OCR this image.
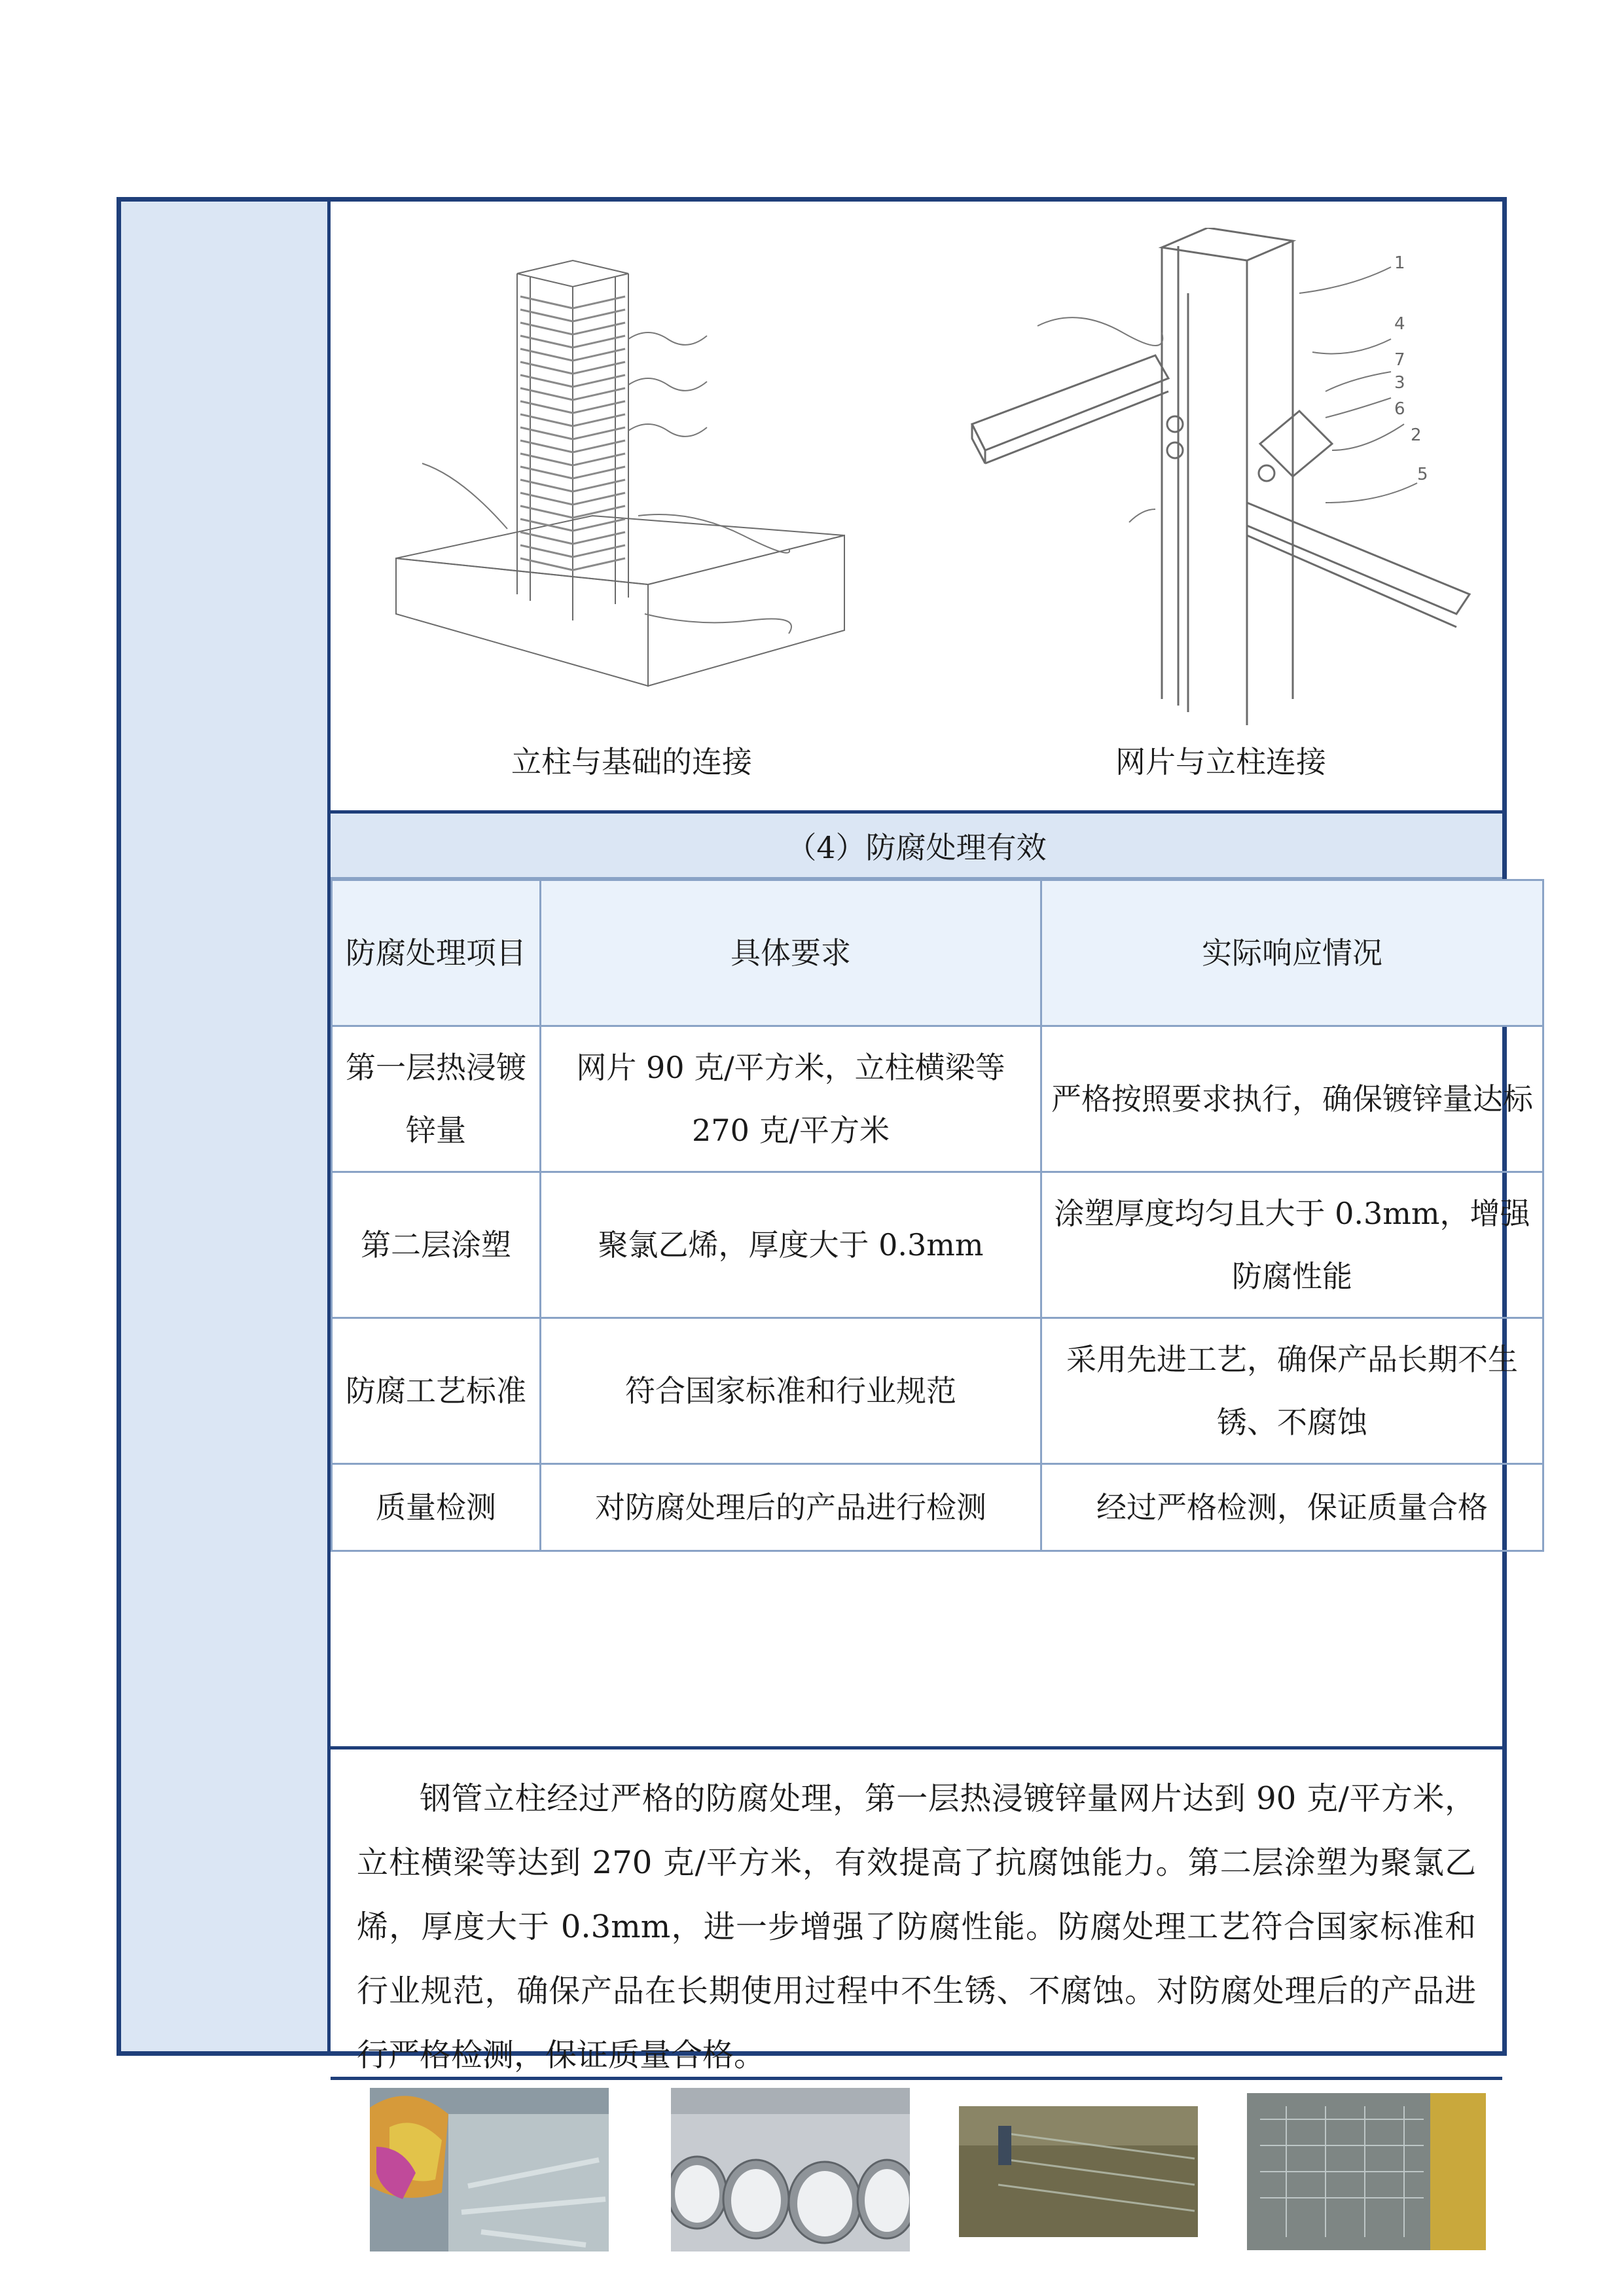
1
4
7
3
6
2
5
立柱与基础的连接	网片与立柱连接
（4）防腐处理有效
防腐处理项目	具体要求	实际响应情况
第一层热浸镀锌量	网片 90 克/平方米，立柱横梁等 270 克/平方米	严格按照要求执行，确保镀锌量达标
第二层涂塑	聚氯乙烯，厚度大于 0.3mm	涂塑厚度均匀且大于 0.3mm，增强防腐性能
防腐工艺标准	符合国家标准和行业规范	采用先进工艺，确保产品长期不生锈、不腐蚀
质量检测	对防腐处理后的产品进行检测	经过严格检测，保证质量合格
钢管立柱经过严格的防腐处理，第一层热浸镀锌量网片达到 90 克/平方米，立柱横梁等达到 270 克/平方米，有效提高了抗腐蚀能力。第二层涂塑为聚氯乙烯，厚度大于 0.3mm，进一步增强了防腐性能。防腐处理工艺符合国家标准和行业规范，确保产品在长期使用过程中不生锈、不腐蚀。对防腐处理后的产品进行严格检测，保证质量合格。
